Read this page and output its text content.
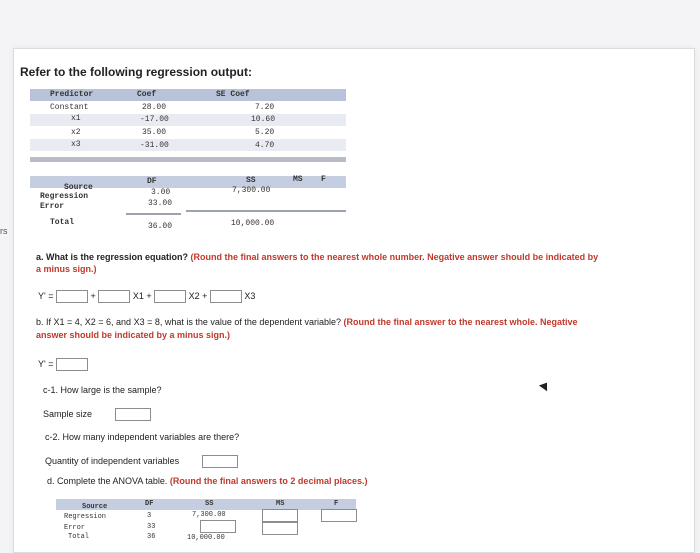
rs
Refer to the following regression output:
Predictor	Coef	SE Coef
Constant	28.00	7.20
x1	-17.00	10.60
x2	35.00	5.20
x3	-31.00	4.70
Source
DF	SS	MS F
Regression	3.00	7,300.00
Error	33.00
Total	36.00	10,000.00
a. What is the regression equation? (Round the final answers to the nearest whole number. Negative answer should be indicated by
a minus sign.)
Y' =	+	X1 +	X2 +	X3
b. If X1 = 4, X2 = 6, and X3 = 8, what is the value of the dependent variable? (Round the final answer to the nearest whole. Negative
answer should be indicated by a minus sign.)
Y' =
c-1. How large is the sample?
Sample size
c-2. How many independent variables are there?
Quantity of independent variables
d. Complete the ANOVA table. (Round the final answers to 2 decimal places.)
Source	DF	SS	MS	F
Regression	3	7,300.00
Error	33
Total	36	10,000.00
